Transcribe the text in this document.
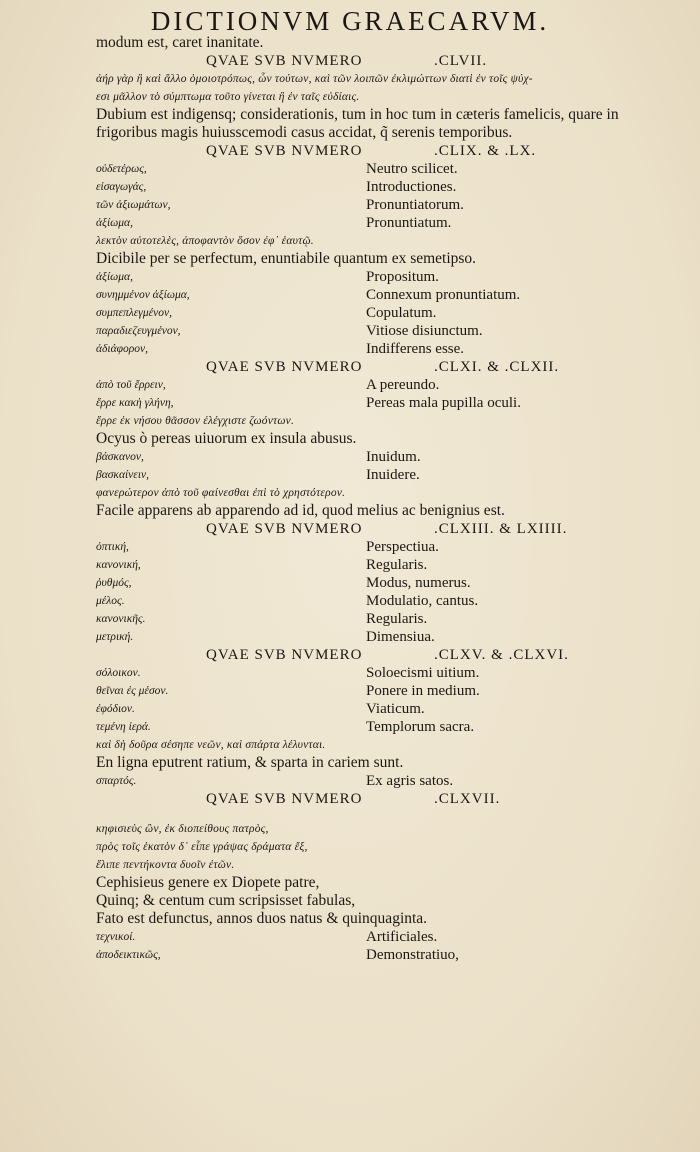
DICTIONVM GRAECARVM.
modum est, caret inanitate.
QVAE SVB NVMERO	.CLVII.
ἀήρ γὰρ ἢ καὶ ἄλλο ὁμοιοτρόπως, ὧν τούτων, καὶ τῶν λοιπῶν ἐκλιμώττων διατὶ ἐν τοῖς ψύχ-
εσι μᾶλλον τὸ σύμπτωμα τοῦτο γίνεται ἢ ἐν ταῖς εὐδίαις.
Dubium est indigensq; considerationis, tum in hoc tum in cæteris famelicis, quare in
frigoribus magis huiusscemodi casus accidat, q̃ serenis temporibus.
QVAE SVB NVMERO	.CLIX. & .LX.
οὐδετέρως,	Neutro scilicet.
εἰσαγωγάς,	Introductiones.
τῶν ἀξιωμάτων,	Pronuntiatorum.
ἀξίωμα,	Pronuntiatum.
λεκτὸν αὐτοτελὲς, ἀποφαντὸν ὅσον ἐφ᾽ ἑαυτῷ.
Dicibile per se perfectum, enuntiabile quantum ex semetipso.
ἀξίωμα,	Propositum.
συνημμένον ἀξίωμα,	Connexum pronuntiatum.
συμπεπλεγμένον,	Copulatum.
παραδιεζευγμένον,	Vitiose disiunctum.
ἀδιάφορον,	Indifferens esse.
QVAE SVB NVMERO	.CLXI. & .CLXII.
ἀπὸ τοῦ ἔρρειν,	A pereundo.
ἔρρε κακὴ γλήνη,	Pereas mala pupilla oculi.
ἔρρε ἐκ νήσου θᾶσσον ἐλέγχιστε ζωόντων.
Ocyus ò pereas uiuorum ex insula abusus.
βάσκανον,	Inuidum.
βασκαίνειν,	Inuidere.
φανερώτερον ἀπὸ τοῦ φαίνεσθαι ἐπὶ τὸ χρηστότερον.
Facile apparens ab apparendo ad id, quod melius ac benignius est.
QVAE SVB NVMERO	.CLXIII. & LXIIII.
ὀπτική,	Perspectiua.
κανονική,	Regularis.
ῥυθμός,	Modus, numerus.
μέλος.	Modulatio, cantus.
κανονικῆς.	Regularis.
μετρική.	Dimensiua.
QVAE SVB NVMERO	.CLXV. & .CLXVI.
σόλοικον.	Soloecismi uitium.
θεῖναι ἐς μέσον.	Ponere in medium.
ἐφόδιον.	Viaticum.
τεμένη ἱερά.	Templorum sacra.
καὶ δὴ δοῦρα σέσηπε νεῶν, καὶ σπάρτα λέλυνται.
En ligna eputrent ratium, & sparta in cariem sunt.
σπαρτός.	Ex agris satos.
QVAE SVB NVMERO	.CLXVII.
κηφισιεὺς ὢν, ἐκ διοπείθους πατρὸς,
πρὸς τοῖς ἑκατὸν δ᾽ εἶπε γράψας δράματα ἔξ,
ἔλιπε πεντήκοντα δυοῖν ἐτῶν.
Cephisieus genere ex Diopete patre,
Quinq; & centum cum scripsisset fabulas,
Fato est defunctus, annos duos natus & quinquaginta.
τεχνικοί.	Artificiales.
ἀποδεικτικῶς,	Demonstratiuo,
